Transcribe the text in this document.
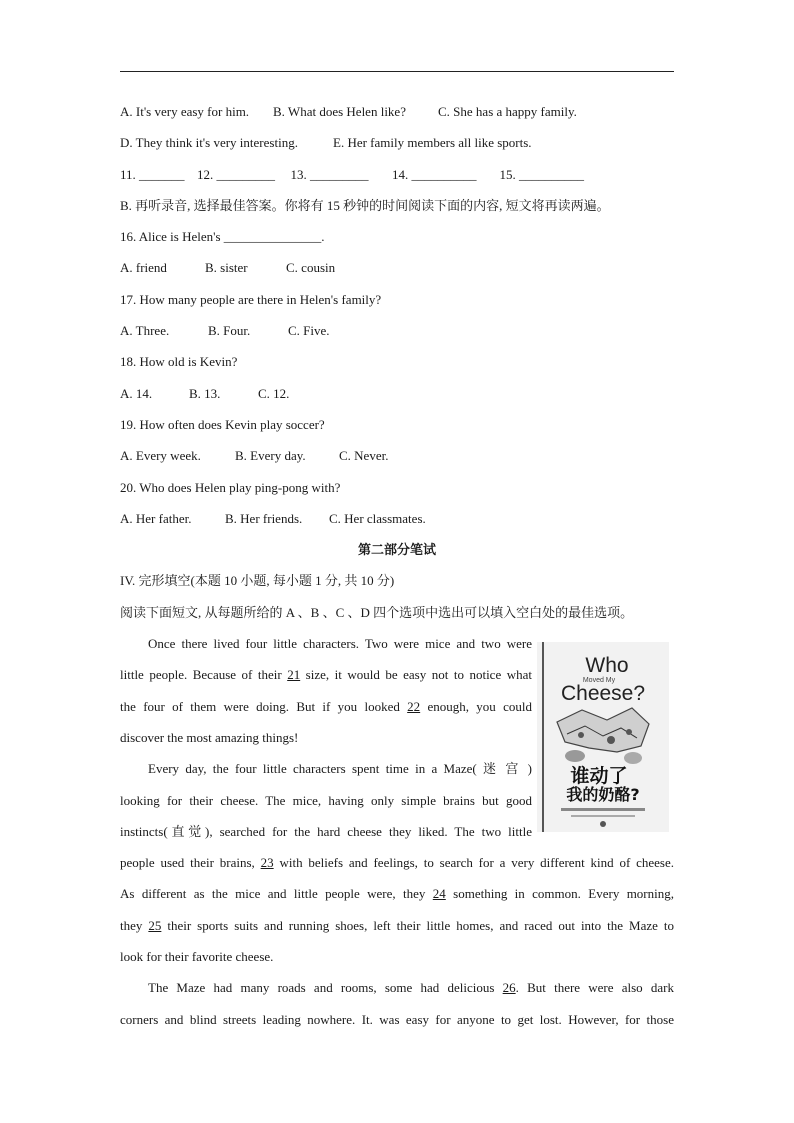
A. It's very easy for him. B. What does Helen like? C. She has a happy family.
D. They think it's very interesting.	E. Her family members all like sports.
11. _______ 12. _________ 13. _________ 14. __________ 15. __________
B. 再听录音, 选择最佳答案。你将有 15 秒钟的时间阅读下面的内容, 短文将再读两遍。
16. Alice is Helen's _______________.
A. friend	B. sister	C. cousin
17. How many people are there in Helen's family?
A. Three.	B. Four.	C. Five.
18. How old is Kevin?
A. 14.	B. 13.	C. 12.
19. How often does Kevin play soccer?
A. Every week.	B. Every day.	C. Never.
20. Who does Helen play ping-pong with?
A. Her father.	B. Her friends. C. Her classmates.
第二部分笔试
IV. 完形填空(本题 10 小题, 每小题 1 分, 共 10 分)
阅读下面短文, 从每题所给的 A 、B 、C 、D 四个选项中选出可以填入空白处的最佳选项。
Once there lived four little characters. Two were mice and two were
little people. Because of their 21 size, it would be easy not to notice what
the four of them were doing. But if you looked 22 enough, you could
discover the most amazing things!
Every day, the four little characters spent time in a Maze( 迷 宫 )
looking for their cheese. The mice, having only simple brains but good
instincts(直觉), searched for the hard cheese they liked. The two little
people used their brains, 23 with beliefs and feelings, to search for a very different kind of cheese.
As different as the mice and little people were, they 24 something in common. Every morning,
they 25 their sports suits and running shoes, left their little homes, and raced out into the Maze to
look for their favorite cheese.
The Maze had many roads and rooms, some had delicious 26. But there were also dark
corners and blind streets leading nowhere. It. was easy for anyone to get lost. However, for those
Who
Moved My
Cheese?
谁动了
我的奶酪?
